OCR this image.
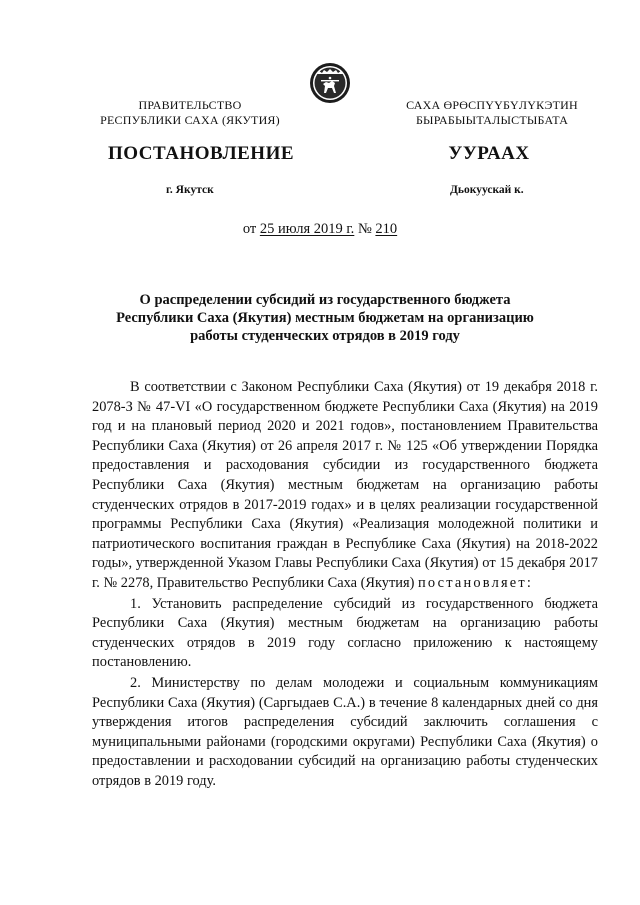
ПРАВИТЕЛЬСТВО
РЕСПУБЛИКИ САХА (ЯКУТИЯ)
САХА ӨРӨСПҮҮБҮЛҮКЭТИН
БЫРАБЫЫТАЛЫСТЫБАТА
ПОСТАНОВЛЕНИЕ	УУРААХ
г. Якутск	Дьокуускай к.
от 25 июля 2019 г. № 210
О распределении субсидий из государственного бюджета
Республики Саха (Якутия) местным бюджетам на организацию
работы студенческих отрядов в 2019 году

В соответствии с Законом Республики Саха (Якутия) от 19 декабря 2018 г. 2078-З № 47-VI «О государственном бюджете Республики Саха (Якутия) на 2019 год и на плановый период 2020 и 2021 годов», постановлением Правительства Республики Саха (Якутия) от 26 апреля 2017 г. № 125 «Об утверждении Порядка предоставления и расходования субсидии из государственного бюджета Республики Саха (Якутия) местным бюджетам на организацию работы студенческих отрядов в 2017-2019 годах» и в целях реализации государственной программы Республики Саха (Якутия) «Реализация молодежной политики и патриотического воспитания граждан в Республике Саха (Якутия) на 2018-2022 годы», утвержденной Указом Главы Республики Саха (Якутия) от 15 декабря 2017 г. № 2278, Правительство Республики Саха (Якутия) постановляет:

1. Установить распределение субсидий из государственного бюджета Республики Саха (Якутия) местным бюджетам на организацию работы студенческих отрядов в 2019 году согласно приложению к настоящему постановлению.

2. Министерству по делам молодежи и социальным коммуникациям Республики Саха (Якутия) (Саргыдаев С.А.) в течение 8 календарных дней со дня утверждения итогов распределения субсидий заключить соглашения с муниципальными районами (городскими округами) Республики Саха (Якутия) о предоставлении и расходовании субсидий на организацию работы студенческих отрядов в 2019 году.
